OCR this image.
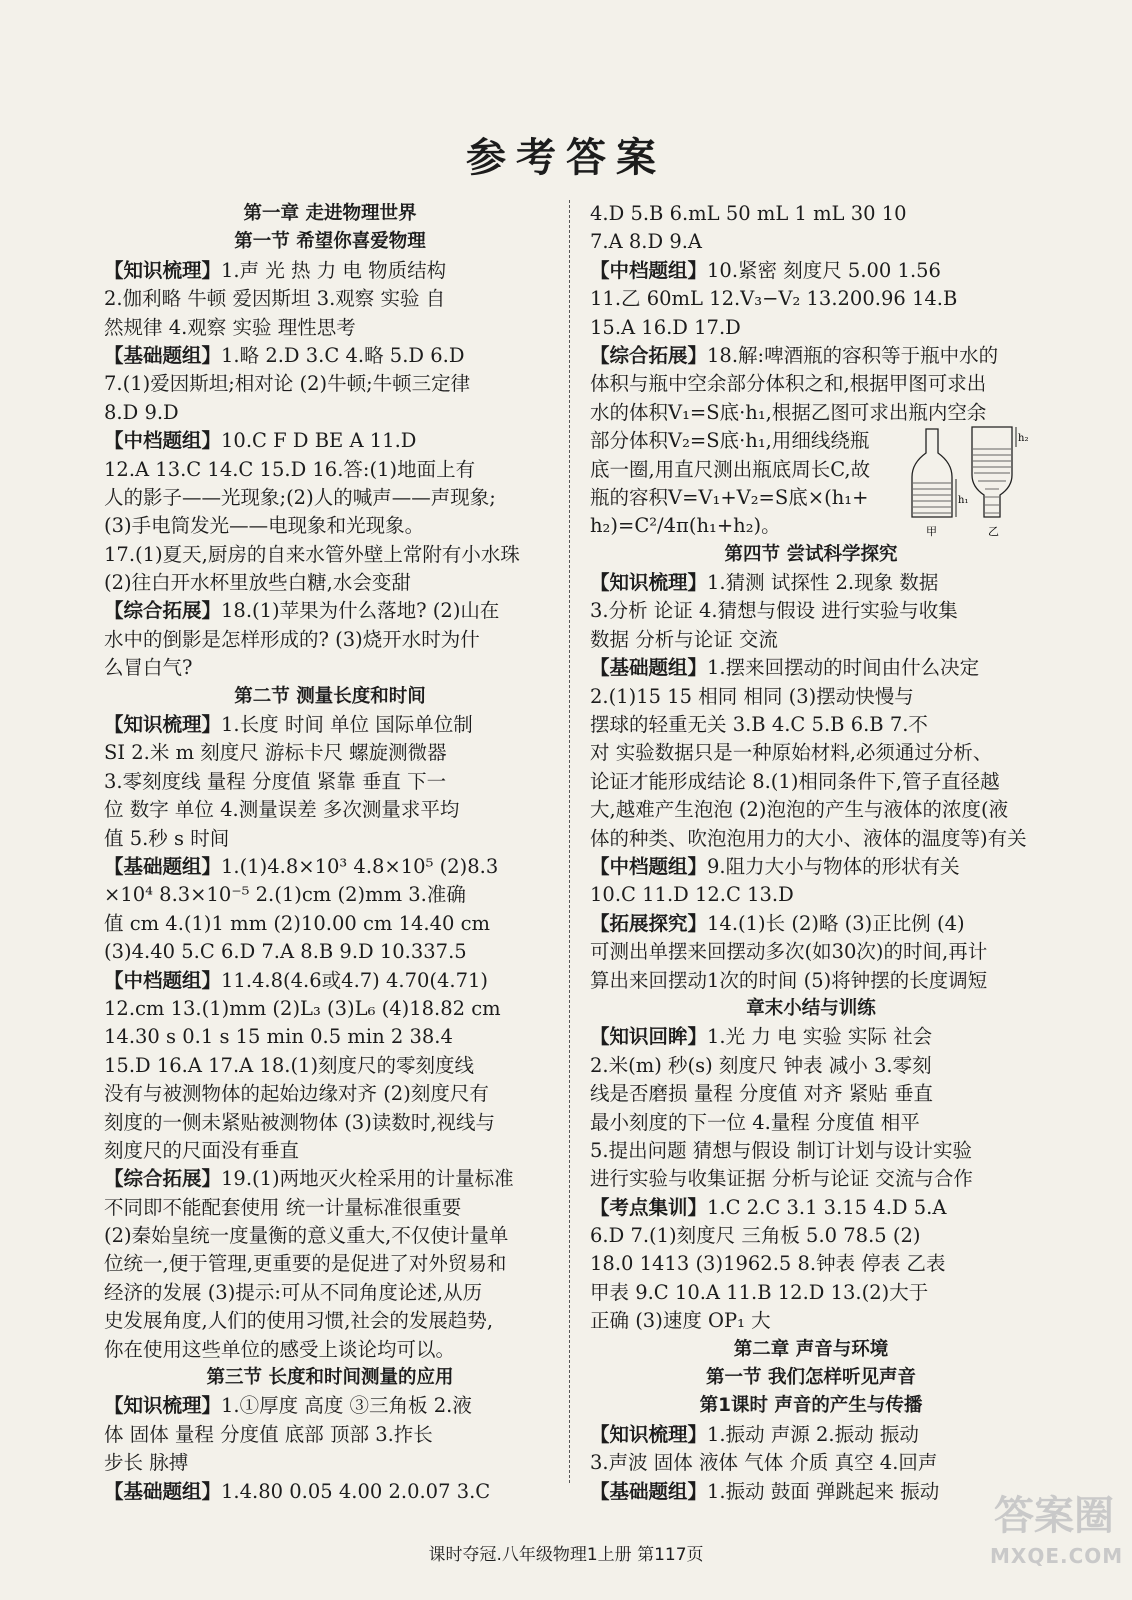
参考答案
第一章 走进物理世界
第一节 希望你喜爱物理
【知识梳理】1.声 光 热 力 电 物质结构
2.伽利略 牛顿 爱因斯坦 3.观察 实验 自
然规律 4.观察 实验 理性思考
【基础题组】1.略 2.D 3.C 4.略 5.D 6.D
7.(1)爱因斯坦;相对论 (2)牛顿;牛顿三定律
8.D 9.D
【中档题组】10.C F D BE A 11.D
12.A 13.C 14.C 15.D 16.答:(1)地面上有
人的影子——光现象;(2)人的喊声——声现象;
(3)手电筒发光——电现象和光现象。
17.(1)夏天,厨房的自来水管外壁上常附有小水珠
(2)往白开水杯里放些白糖,水会变甜
【综合拓展】18.(1)苹果为什么落地? (2)山在
水中的倒影是怎样形成的? (3)烧开水时为什
么冒白气?
第二节 测量长度和时间
【知识梳理】1.长度 时间 单位 国际单位制
SI 2.米 m 刻度尺 游标卡尺 螺旋测微器
3.零刻度线 量程 分度值 紧靠 垂直 下一
位 数字 单位 4.测量误差 多次测量求平均
值 5.秒 s 时间
【基础题组】1.(1)4.8×10³ 4.8×10⁵ (2)8.3
×10⁴ 8.3×10⁻⁵ 2.(1)cm (2)mm 3.准确
值 cm 4.(1)1 mm (2)10.00 cm 14.40 cm
(3)4.40 5.C 6.D 7.A 8.B 9.D 10.337.5
【中档题组】11.4.8(4.6或4.7) 4.70(4.71)
12.cm 13.(1)mm (2)L₃ (3)L₆ (4)18.82 cm
14.30 s 0.1 s 15 min 0.5 min 2 38.4
15.D 16.A 17.A 18.(1)刻度尺的零刻度线
没有与被测物体的起始边缘对齐 (2)刻度尺有
刻度的一侧未紧贴被测物体 (3)读数时,视线与
刻度尺的尺面没有垂直
【综合拓展】19.(1)两地灭火栓采用的计量标准
不同即不能配套使用 统一计量标准很重要
(2)秦始皇统一度量衡的意义重大,不仅使计量单
位统一,便于管理,更重要的是促进了对外贸易和
经济的发展 (3)提示:可从不同角度论述,从历
史发展角度,人们的使用习惯,社会的发展趋势,
你在使用这些单位的感受上谈论均可以。
第三节 长度和时间测量的应用
【知识梳理】1.①厚度 高度 ③三角板 2.液
体 固体 量程 分度值 底部 顶部 3.拃长
步长 脉搏
【基础题组】1.4.80 0.05 4.00 2.0.07 3.C
4.D 5.B 6.mL 50 mL 1 mL 30 10
7.A 8.D 9.A
【中档题组】10.紧密 刻度尺 5.00 1.56
11.乙 60mL 12.V₃−V₂ 13.200.96 14.B
15.A 16.D 17.D
【综合拓展】18.解:啤酒瓶的容积等于瓶中水的
体积与瓶中空余部分体积之和,根据甲图可求出
水的体积V₁=S底·h₁,根据乙图可求出瓶内空余
部分体积V₂=S底·h₁,用细线绕瓶
底一圈,用直尺测出瓶底周长C,故
瓶的容积V=V₁+V₂=S底×(h₁+
h₂)=C²/4π(h₁+h₂)。
h₁
h₂
甲	乙
第四节 尝试科学探究
【知识梳理】1.猜测 试探性 2.现象 数据
3.分析 论证 4.猜想与假设 进行实验与收集
数据 分析与论证 交流
【基础题组】1.摆来回摆动的时间由什么决定
2.(1)15 15 相同 相同 (3)摆动快慢与
摆球的轻重无关 3.B 4.C 5.B 6.B 7.不
对 实验数据只是一种原始材料,必须通过分析、
论证才能形成结论 8.(1)相同条件下,管子直径越
大,越难产生泡泡 (2)泡泡的产生与液体的浓度(液
体的种类、吹泡泡用力的大小、液体的温度等)有关
【中档题组】9.阻力大小与物体的形状有关
10.C 11.D 12.C 13.D
【拓展探究】14.(1)长 (2)略 (3)正比例 (4)
可测出单摆来回摆动多次(如30次)的时间,再计
算出来回摆动1次的时间 (5)将钟摆的长度调短
章末小结与训练
【知识回眸】1.光 力 电 实验 实际 社会
2.米(m) 秒(s) 刻度尺 钟表 减小 3.零刻
线是否磨损 量程 分度值 对齐 紧贴 垂直
最小刻度的下一位 4.量程 分度值 相平
5.提出问题 猜想与假设 制订计划与设计实验
进行实验与收集证据 分析与论证 交流与合作
【考点集训】1.C 2.C 3.1 3.15 4.D 5.A
6.D 7.(1)刻度尺 三角板 5.0 78.5 (2)
18.0 1413 (3)1962.5 8.钟表 停表 乙表
甲表 9.C 10.A 11.B 12.D 13.(2)大于
正确 (3)速度 OP₁ 大
第二章 声音与环境
第一节 我们怎样听见声音
第1课时 声音的产生与传播
【知识梳理】1.振动 声源 2.振动 振动
3.声波 固体 液体 气体 介质 真空 4.回声
【基础题组】1.振动 鼓面 弹跳起来 振动
课时夺冠.八年级物理1上册 第117页
答案圈
MXQE.COM
